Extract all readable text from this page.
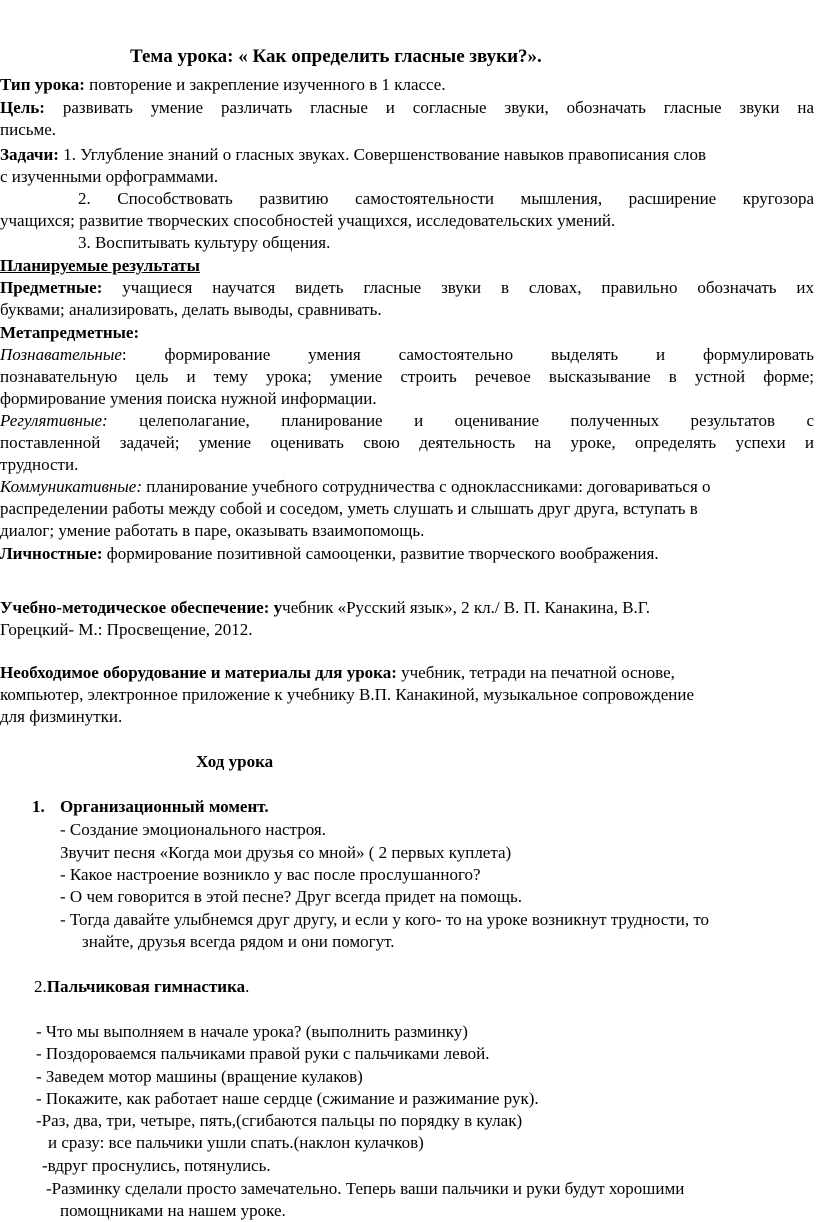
Тема урока: « Как определить гласные звуки?».
Тип урока: повторение и закрепление изученного в 1 классе.
Цель: развивать умение различать гласные и согласные звуки, обозначать гласные звуки на
письме.
Задачи: 1. Углубление знаний о гласных звуках. Совершенствование навыков правописания слов
с изученными орфограммами.
2. Способствовать развитию самостоятельности мышления, расширение кругозора
учащихся; развитие творческих способностей учащихся, исследовательских умений.
3. Воспитывать культуру общения.
Планируемые результаты
Предметные: учащиеся научатся видеть гласные звуки в словах, правильно обозначать их
буквами; анализировать, делать выводы, сравнивать.
Метапредметные:
Познавательные: формирование умения самостоятельно выделять и формулировать
познавательную цель и тему урока; умение строить речевое высказывание в устной форме;
формирование умения поиска нужной информации.
Регулятивные: целеполагание, планирование и оценивание полученных результатов с
поставленной задачей; умение оценивать свою деятельность на уроке, определять успехи и
трудности.
Коммуникативные: планирование учебного сотрудничества с одноклассниками: договариваться о
распределении работы между собой и соседом, уметь слушать и слышать друг друга, вступать в
диалог; умение работать в паре, оказывать взаимопомощь.
Личностные: формирование позитивной самооценки, развитие творческого воображения.
Учебно-методическое обеспечение: учебник «Русский язык», 2 кл./ В. П. Канакина, В.Г.
Горецкий- М.: Просвещение, 2012.
Необходимое оборудование и материалы для урока: учебник, тетради на печатной основе,
компьютер, электронное приложение к учебнику В.П. Канакиной, музыкальное сопровождение
для физминутки.
Ход урока
1. Организационный момент.
- Создание эмоционального настроя.
Звучит песня «Когда мои друзья со мной» ( 2 первых куплета)
- Какое настроение возникло у вас после прослушанного?
- О чем говорится в этой песне? Друг всегда придет на помощь.
- Тогда давайте улыбнемся друг другу, и если у кого- то на уроке возникнут трудности, то
знайте, друзья всегда рядом и они помогут.
2.Пальчиковая гимнастика.
- Что мы выполняем в начале урока? (выполнить разминку)
- Поздороваемся пальчиками правой руки с пальчиками левой.
- Заведем мотор машины (вращение кулаков)
- Покажите, как работает наше сердце (сжимание и разжимание рук).
-Раз, два, три, четыре, пять,(сгибаются пальцы по порядку в кулак)
и сразу: все пальчики ушли спать.(наклон кулачков)
-вдруг проснулись, потянулись.
-Разминку сделали просто замечательно. Теперь ваши пальчики и руки будут хорошими
помощниками на нашем уроке.
